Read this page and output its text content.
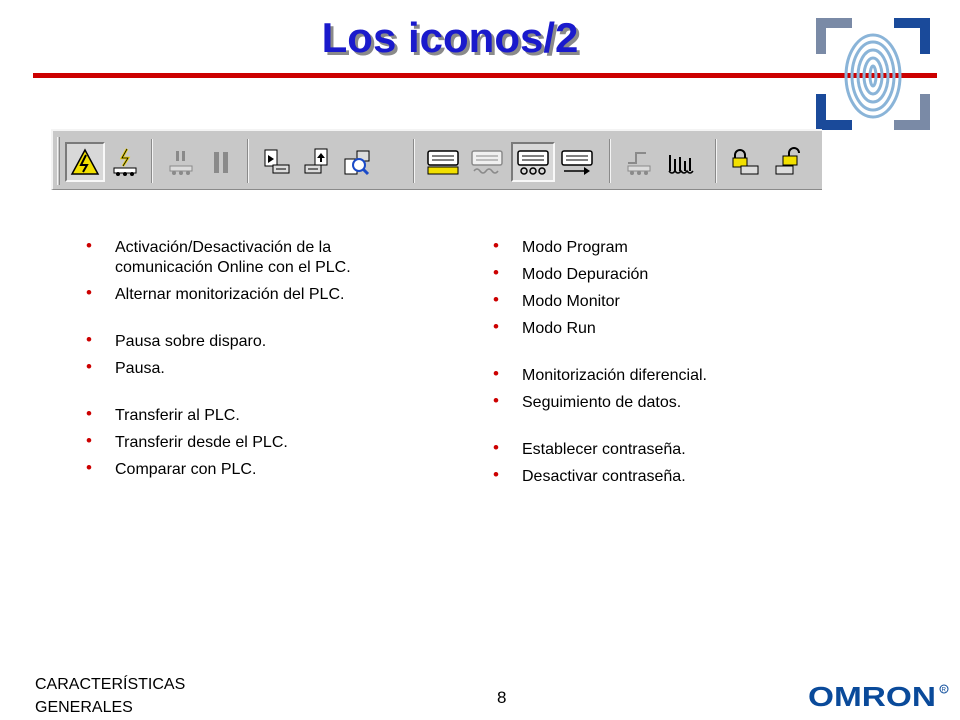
Los iconos/2
• Activación/Desactivación de la
comunicación Online con el PLC.
• Alternar monitorización del PLC.
• Pausa sobre disparo.
• Pausa.
• Transferir al PLC.
• Transferir desde el PLC.
• Comparar con PLC.
• Modo Program
• Modo Depuración
• Modo Monitor
• Modo Run
• Monitorización diferencial.
• Seguimiento de datos.
• Establecer contraseña.
• Desactivar contraseña.
CARACTERÍSTICAS
GENERALES
8	OMRON R
